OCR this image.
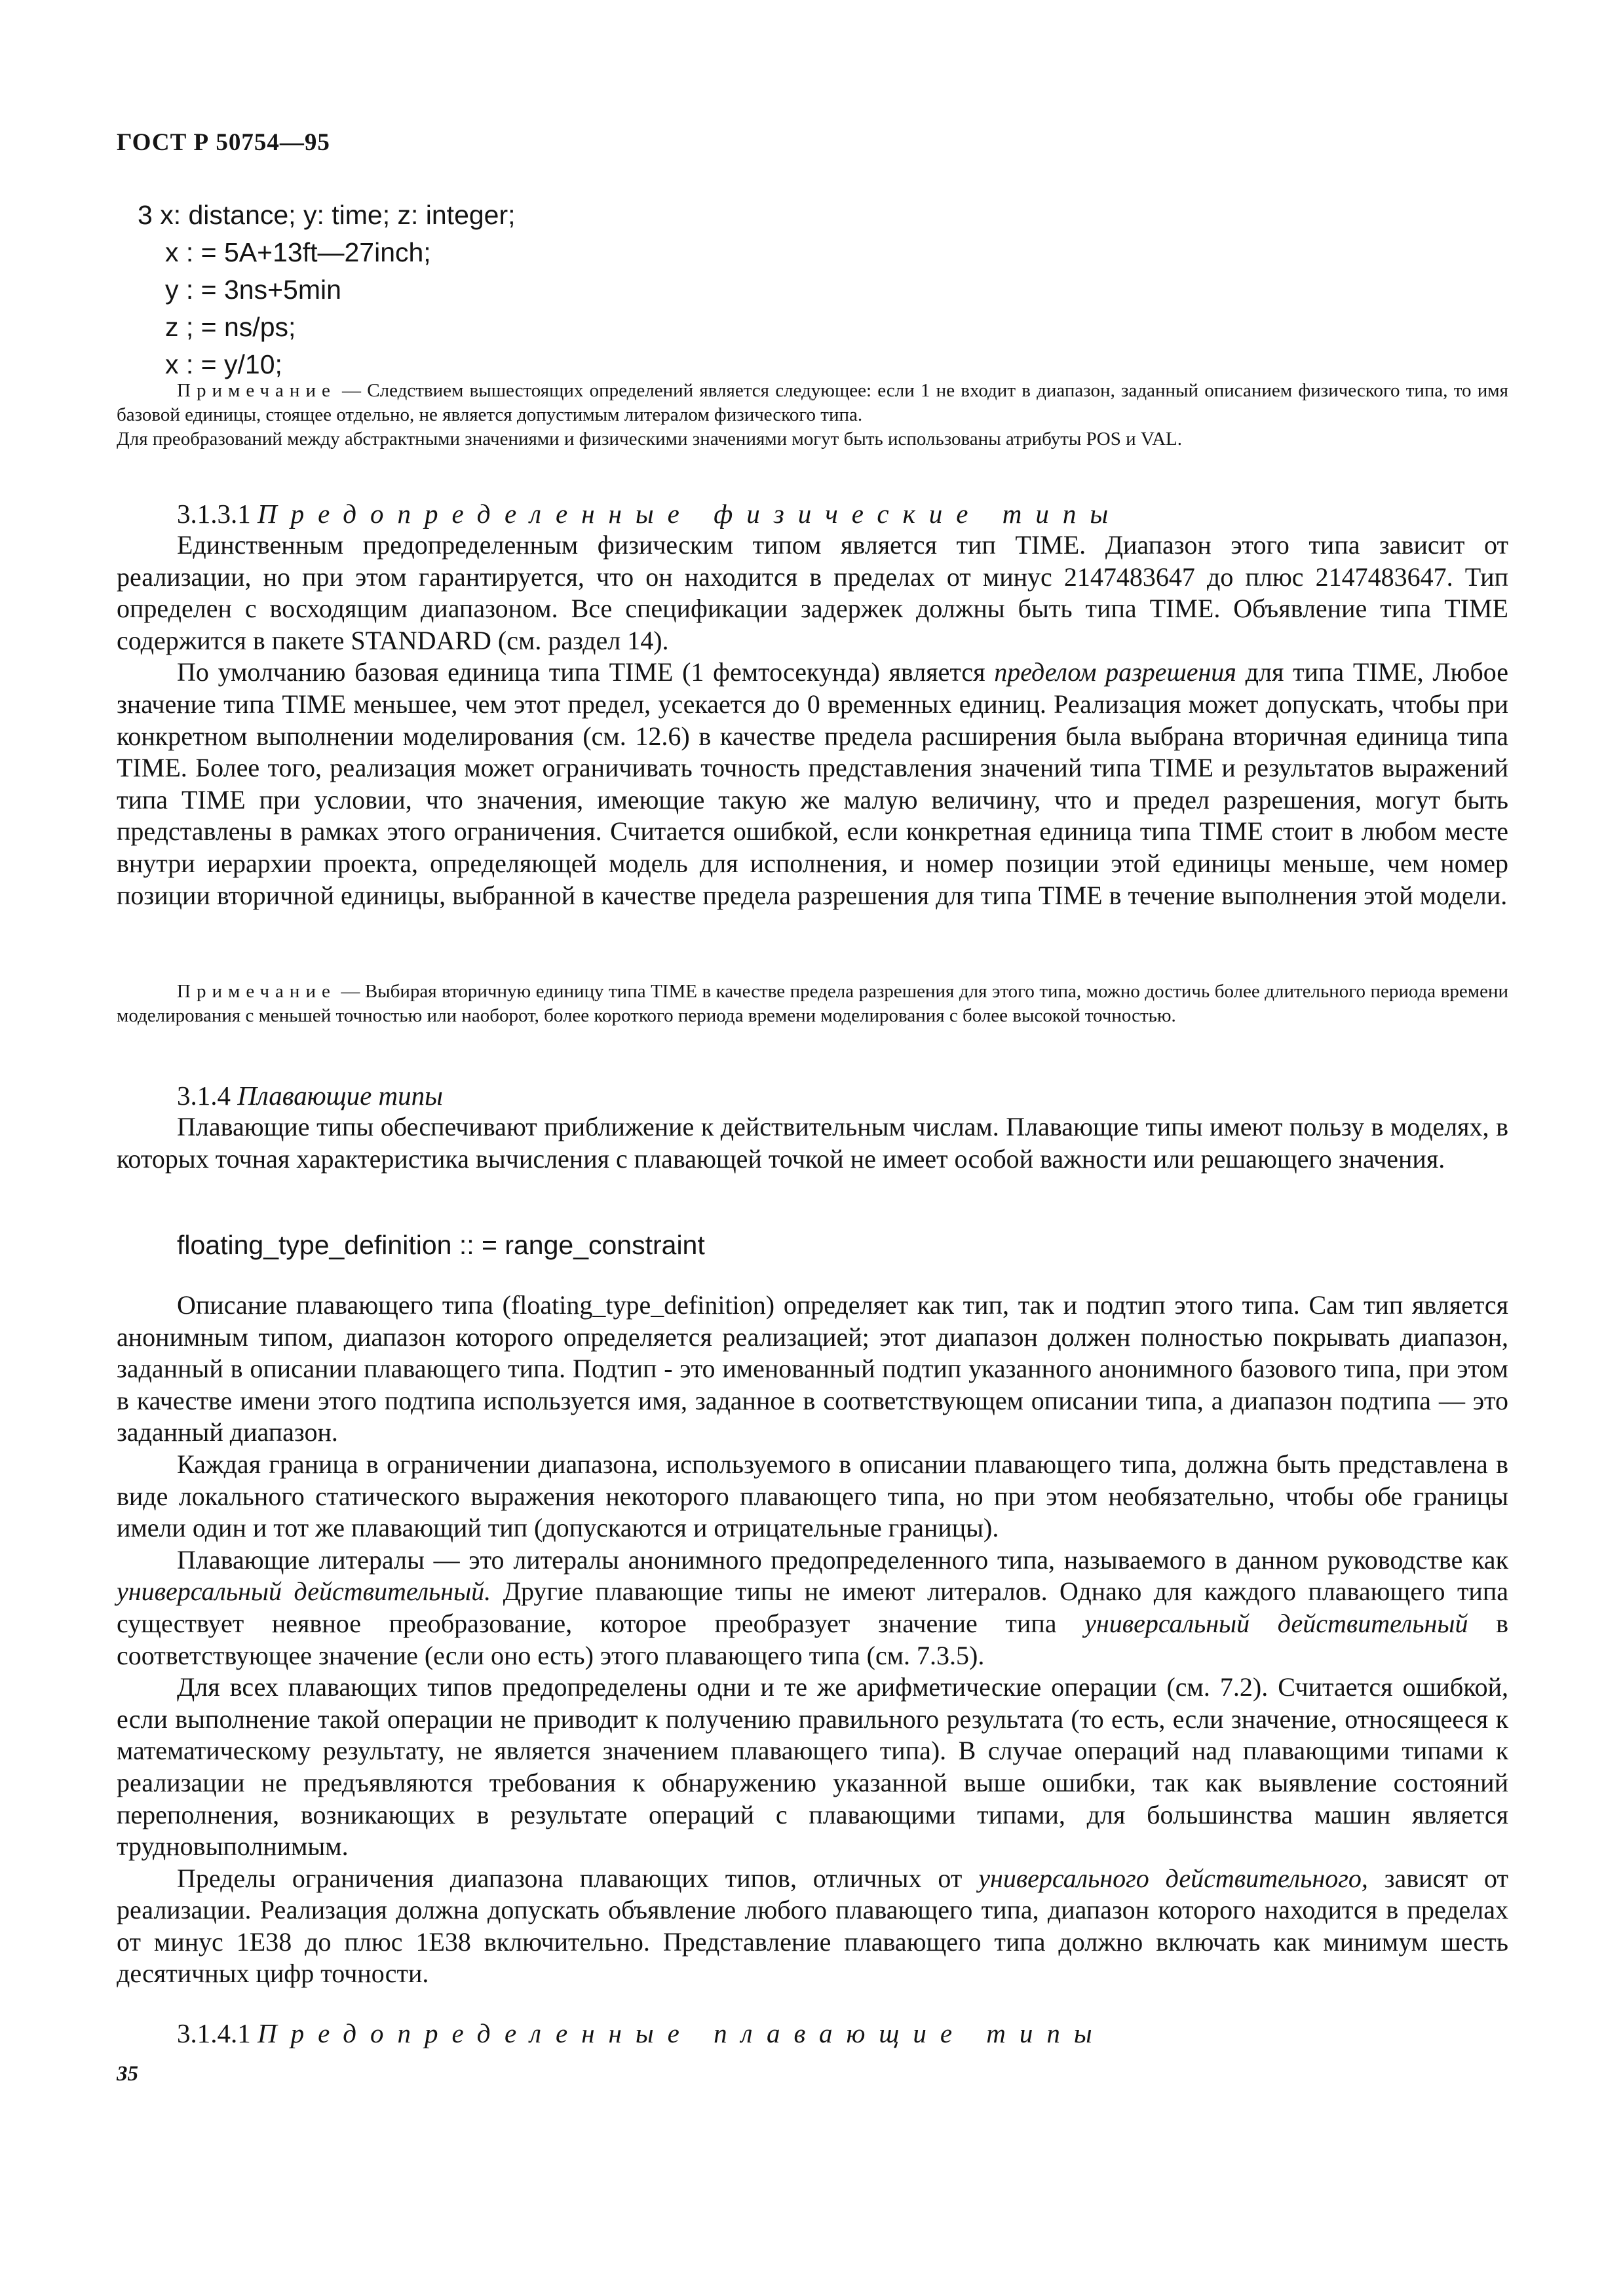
ГОСТ Р 50754—95
3 x: distance; y: time; z: integer;
x : = 5A+13ft—27inch;
y : = 3ns+5min
z ; = ns/ps;
x : = y/10;
Примечание — Следствием вышестоящих определений является следующее: если 1 не входит в диапазон, заданный описанием физического типа, то имя базовой единицы, стоящее отдельно, не является допустимым литералом физического типа.
Для преобразований между абстрактными значениями и физическими значениями могут быть использованы атрибуты POS и VAL.
3.1.3.1 Предопределенные физические типы

Единственным предопределенным физическим типом является тип TIME. Диапазон этого типа зависит от реализации, но при этом гарантируется, что он находится в пределах от минус 2147483647 до плюс 2147483647. Тип определен с восходящим диапазоном. Все спецификации задержек должны быть типа TIME. Объявление типа TIME содержится в пакете STANDARD (см. раздел 14).

По умолчанию базовая единица типа TIME (1 фемтосекунда) является пределом разрешения для типа TIME, Любое значение типа TIME меньшее, чем этот предел, усекается до 0 временных единиц. Реализация может допускать, чтобы при конкретном выполнении моделирования (см. 12.6) в качестве предела расширения была выбрана вторичная единица типа TIME. Более того, реализация может ограничивать точность представления значений типа TIME и результатов выражений типа TIME при условии, что значения, имеющие такую же малую величину, что и предел разрешения, могут быть представлены в рамках этого ограничения. Считается ошибкой, если конкретная единица типа TIME стоит в любом месте внутри иерархии проекта, определяющей модель для исполнения, и номер позиции этой единицы меньше, чем номер позиции вторичной единицы, выбранной в качестве предела разрешения для типа TIME в течение выполнения этой модели.

Примечание — Выбирая вторичную единицу типа TIME в качестве предела разрешения для этого типа, можно достичь более длительного периода времени моделирования с меньшей точностью или наоборот, более короткого периода времени моделирования с более высокой точностью.
3.1.4 Плавающие типы

Плавающие типы обеспечивают приближение к действительным числам. Плавающие типы имеют пользу в моделях, в которых точная характеристика вычисления с плавающей точкой не имеет особой важности или решающего значения.

floating_type_definition :: = range_constraint

Описание плавающего типа (floating_type_definition) определяет как тип, так и подтип этого типа. Сам тип является анонимным типом, диапазон которого определяется реализацией; этот диапазон должен полностью покрывать диапазон, заданный в описании плавающего типа. Подтип - это именованный подтип указанного анонимного базового типа, при этом в качестве имени этого подтипа используется имя, заданное в соответствующем описании типа, а диапазон подтипа — это заданный диапазон.

Каждая граница в ограничении диапазона, используемого в описании плавающего типа, должна быть представлена в виде локального статического выражения некоторого плавающего типа, но при этом необязательно, чтобы обе границы имели один и тот же плавающий тип (допускаются и отрицательные границы).

Плавающие литералы — это литералы анонимного предопределенного типа, называемого в данном руководстве как универсальный действительный. Другие плавающие типы не имеют литералов. Однако для каждого плавающего типа существует неявное преобразование, которое преобразует значение типа универсальный действительный в соответствующее значение (если оно есть) этого плавающего типа (см. 7.3.5).

Для всех плавающих типов предопределены одни и те же арифметические операции (см. 7.2). Считается ошибкой, если выполнение такой операции не приводит к получению правильного результата (то есть, если значение, относящееся к математическому результату, не является значением плавающего типа). В случае операций над плавающими типами к реализации не предъявляются требования к обнаружению указанной выше ошибки, так как выявление состояний переполнения, возникающих в результате операций с плавающими типами, для большинства машин является трудновыполнимым.

Пределы ограничения диапазона плавающих типов, отличных от универсального действительного, зависят от реализации. Реализация должна допускать объявление любого плавающего типа, диапазон которого находится в пределах от минус 1E38 до плюс 1E38 включительно. Представление плавающего типа должно включать как минимум шесть десятичных цифр точности.

3.1.4.1 Предопределенные плавающие типы
35
